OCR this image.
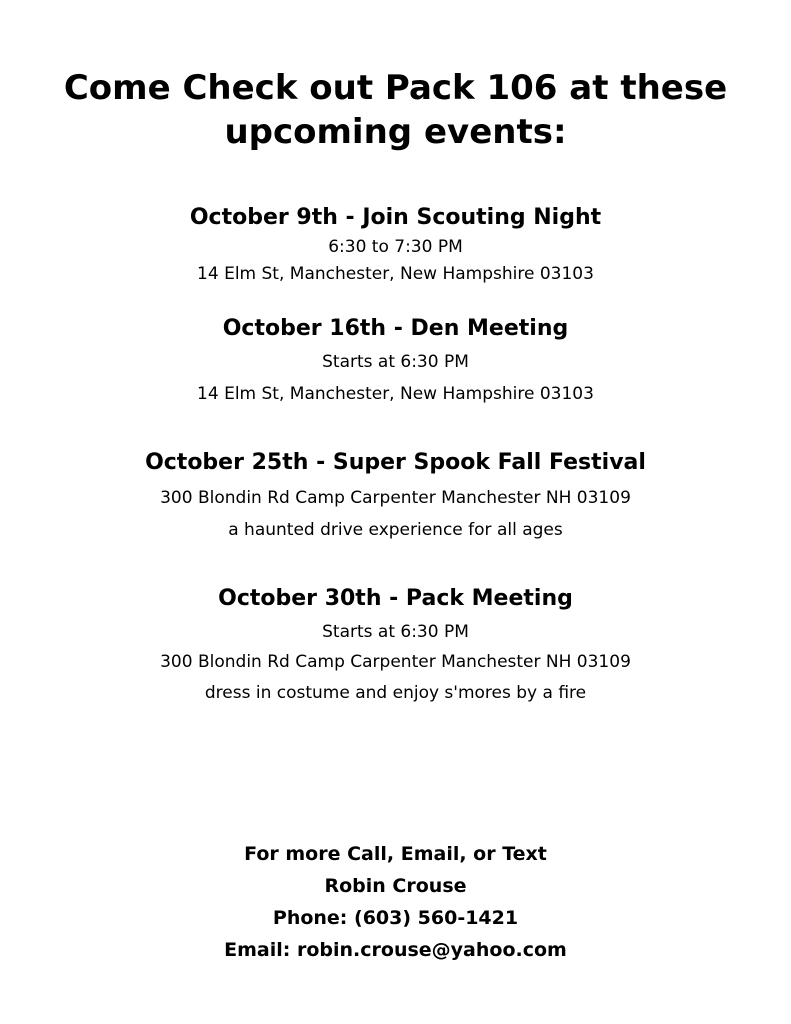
Come Check out Pack 106 at these
upcoming events:
October 9th - Join Scouting Night
6:30 to 7:30 PM
14 Elm St, Manchester, New Hampshire 03103
October 16th - Den Meeting
Starts at 6:30 PM
14 Elm St, Manchester, New Hampshire 03103
October 25th - Super Spook Fall Festival
300 Blondin Rd Camp Carpenter Manchester NH 03109
a haunted drive experience for all ages
October 30th - Pack Meeting
Starts at 6:30 PM
300 Blondin Rd Camp Carpenter Manchester NH 03109
dress in costume and enjoy s'mores by a fire
For more Call, Email, or Text
Robin Crouse
Phone: (603) 560-1421
Email: robin.crouse@yahoo.com
